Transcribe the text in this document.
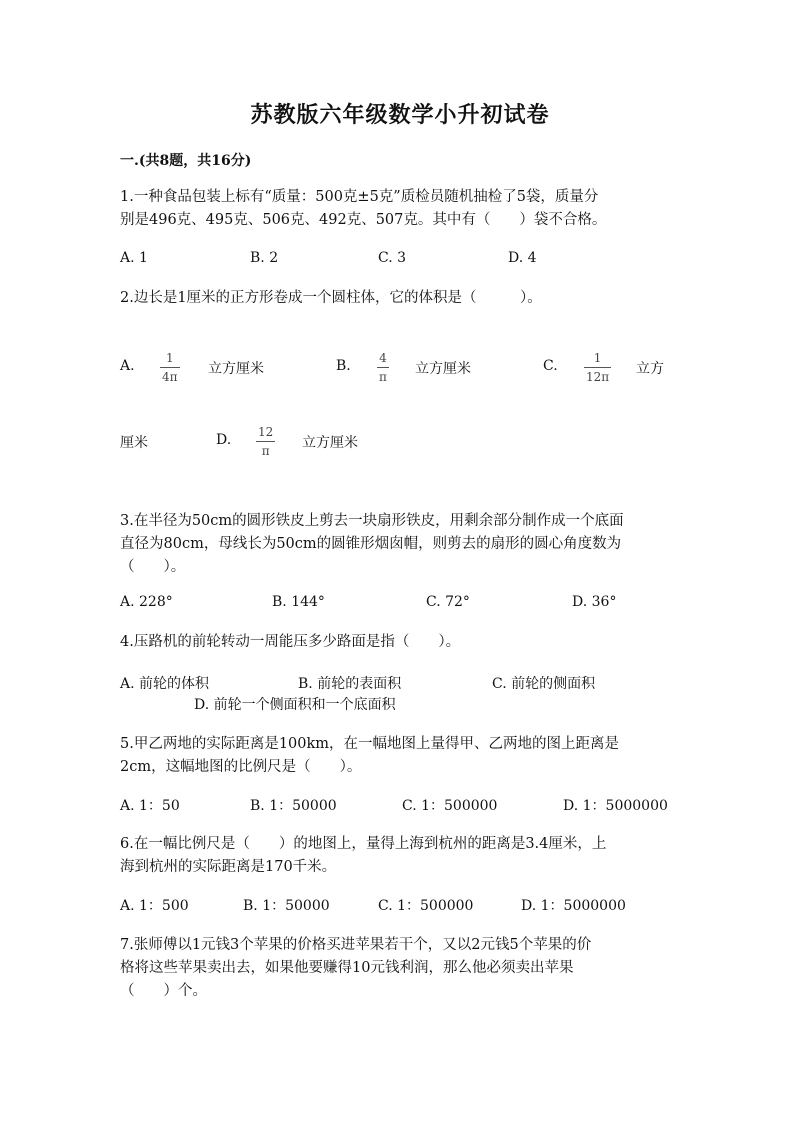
苏教版六年级数学小升初试卷
一.(共8题，共16分)
1.一种食品包装上标有“质量：500克±5克”质检员随机抽检了5袋，质量分
别是496克、495克、506克、492克、507克。其中有（　　）袋不合格。
A. 1	B. 2	C. 3	D. 4
2.边长是1厘米的正方形卷成一个圆柱体，它的体积是（　　　）。
A.	1
4π 立方厘米	B. 4
π 立方厘米	C.	1
12π 立方
厘米	D. 12
π 立方厘米
3.在半径为50cm的圆形铁皮上剪去一块扇形铁皮，用剩余部分制作成一个底面
直径为80cm，母线长为50cm的圆锥形烟囱帽，则剪去的扇形的圆心角度数为
（　　）。
A. 228°	B. 144°	C. 72°	D. 36°
4.压路机的前轮转动一周能压多少路面是指（　　）。
A. 前轮的体积	B. 前轮的表面积	C. 前轮的侧面积
D. 前轮一个侧面积和一个底面积
5.甲乙两地的实际距离是100km，在一幅地图上量得甲、乙两地的图上距离是
2cm，这幅地图的比例尺是（　　）。
A. 1：50	B. 1：50000	C. 1：500000	D. 1：5000000
6.在一幅比例尺是（　　）的地图上，量得上海到杭州的距离是3.4厘米，上
海到杭州的实际距离是170千米。
A. 1：500	B. 1：50000	C. 1：500000	D. 1：5000000
7.张师傅以1元钱3个苹果的价格买进苹果若干个，又以2元钱5个苹果的价
格将这些苹果卖出去，如果他要赚得10元钱利润，那么他必须卖出苹果
（　　）个。
